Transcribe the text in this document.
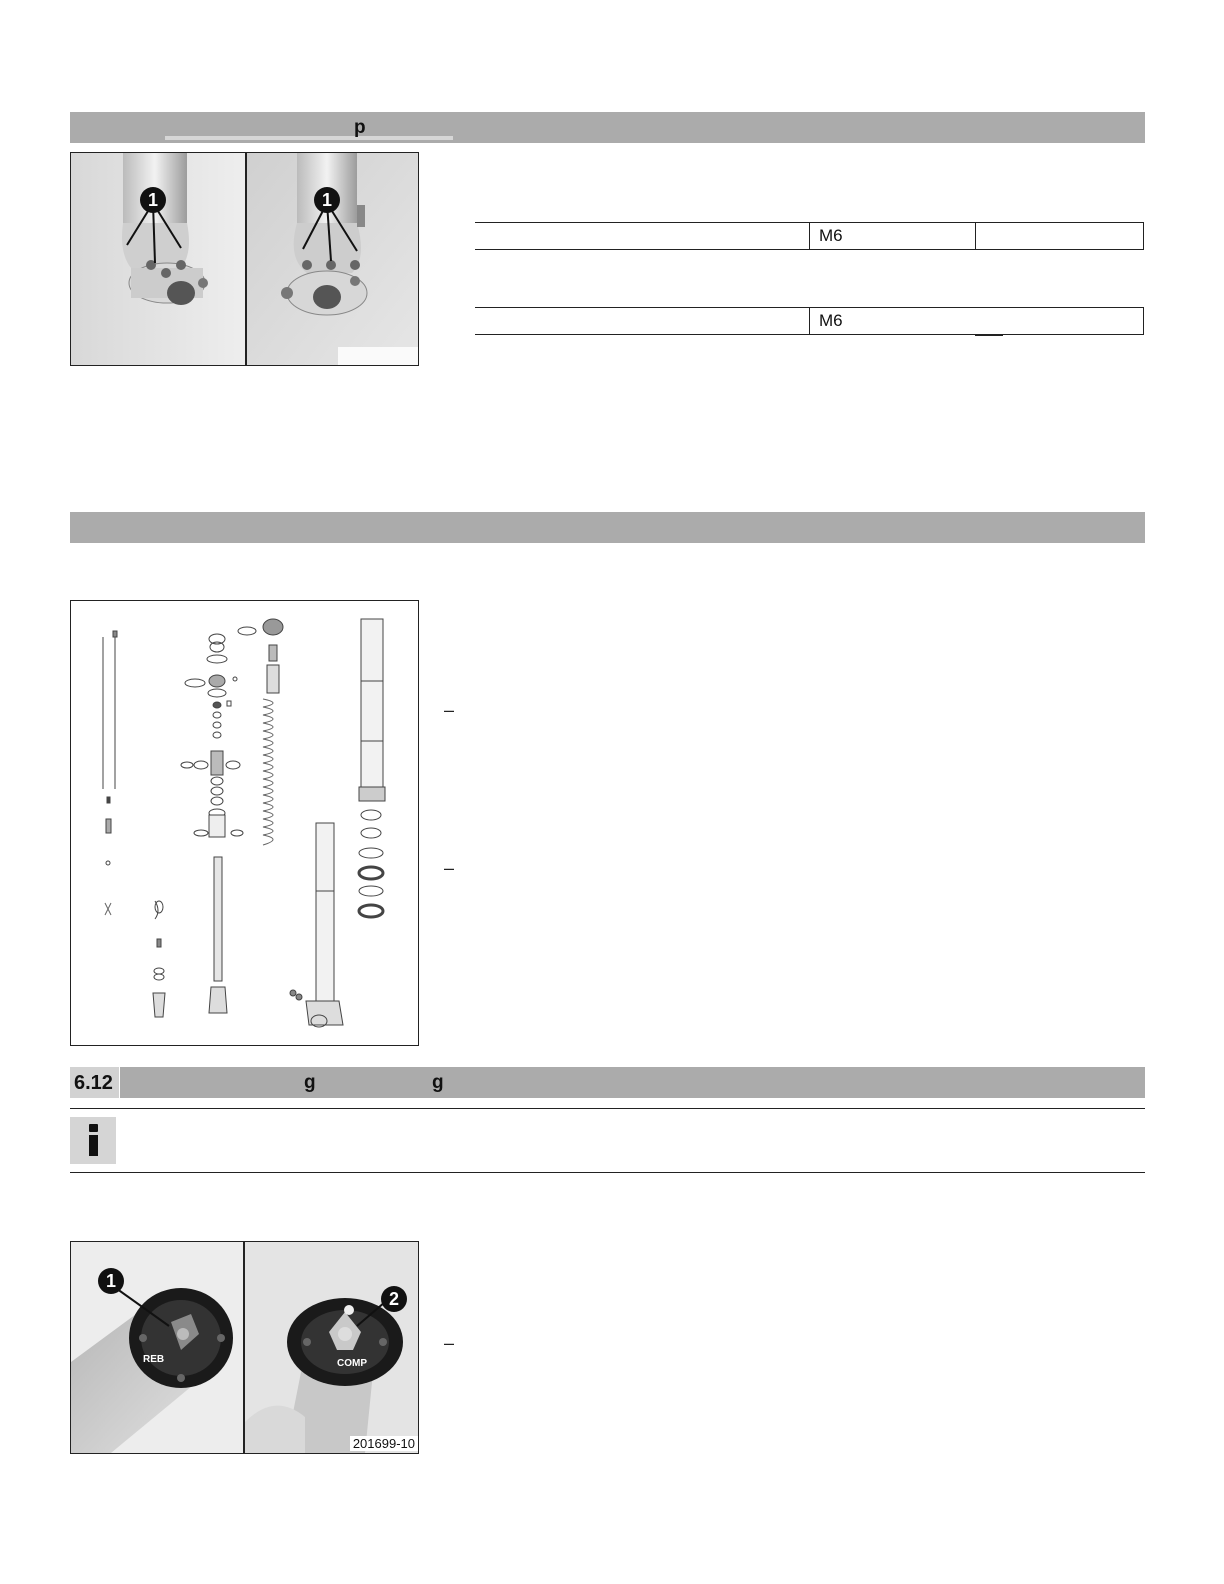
p
1	1
M6
M6
–
–
–
6.12	g	g
REB
1
COMP
2
201699-10
